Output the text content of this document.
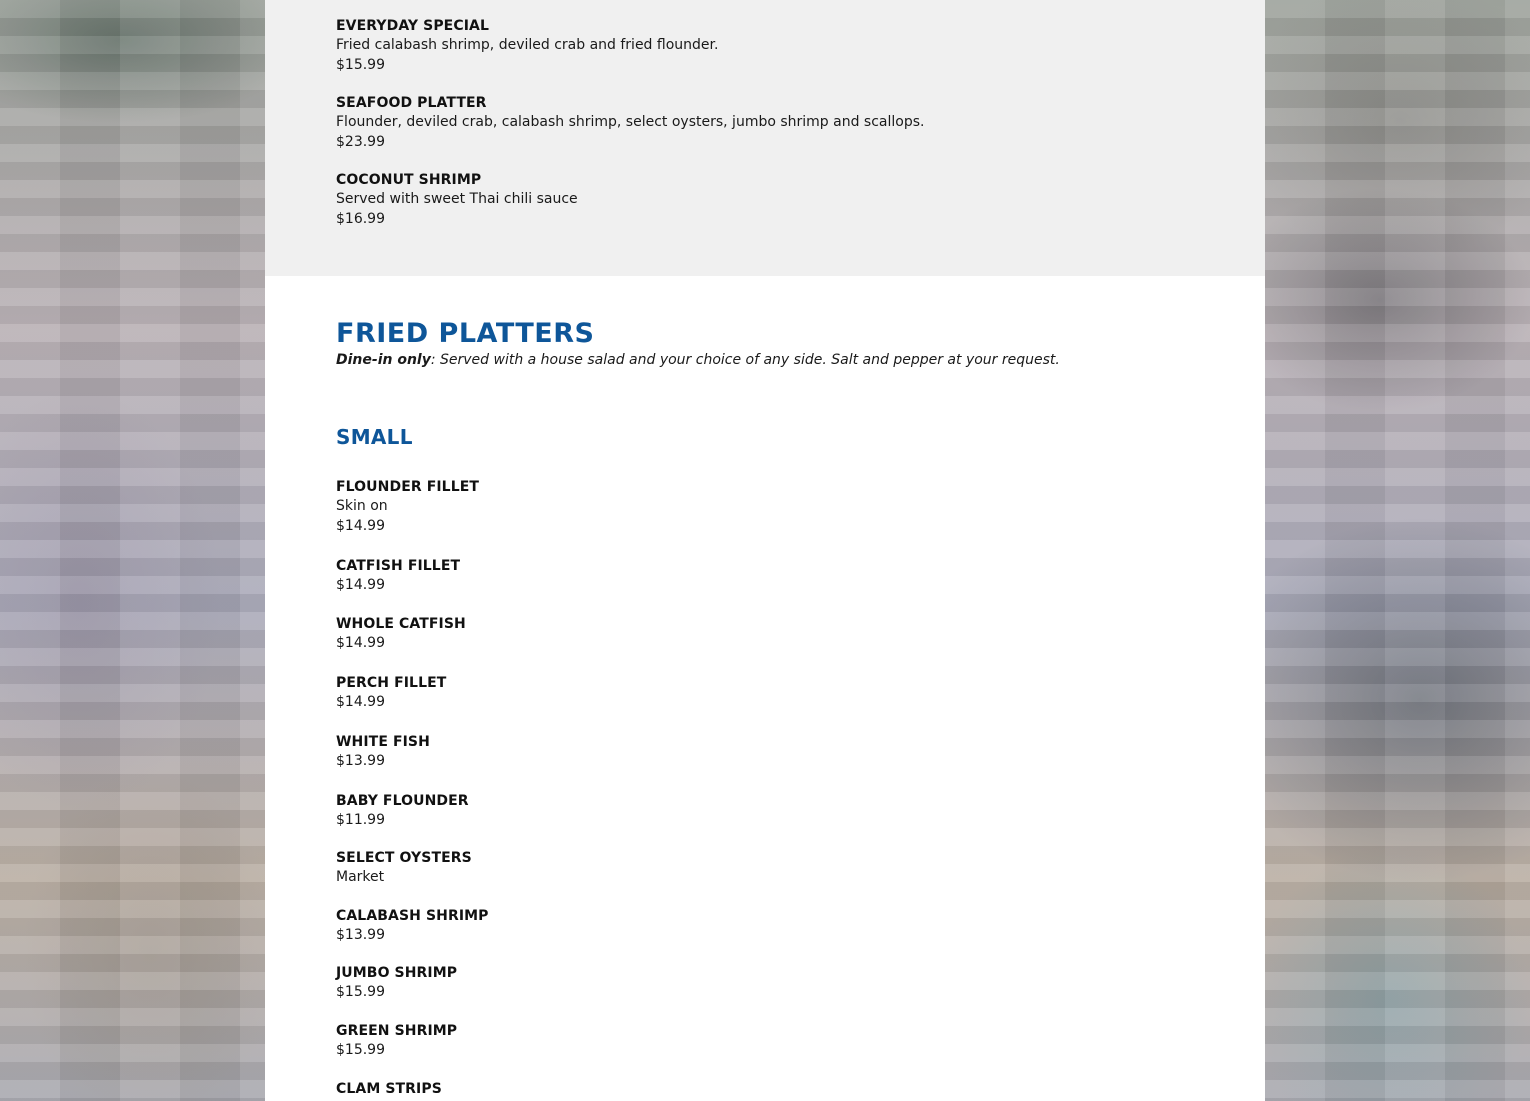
EVERYDAY SPECIAL
Fried calabash shrimp, deviled crab and fried flounder.
$15.99
SEAFOOD PLATTER
Flounder, deviled crab, calabash shrimp, select oysters, jumbo shrimp and scallops.
$23.99
COCONUT SHRIMP
Served with sweet Thai chili sauce
$16.99
FRIED PLATTERS
Dine-in only: Served with a house salad and your choice of any side. Salt and pepper at your request.
SMALL
FLOUNDER FILLET
Skin on
$14.99
CATFISH FILLET
$14.99
WHOLE CATFISH
$14.99
PERCH FILLET
$14.99
WHITE FISH
$13.99
BABY FLOUNDER
$11.99
SELECT OYSTERS
Market
CALABASH SHRIMP
$13.99
JUMBO SHRIMP
$15.99
GREEN SHRIMP
$15.99
CLAM STRIPS
